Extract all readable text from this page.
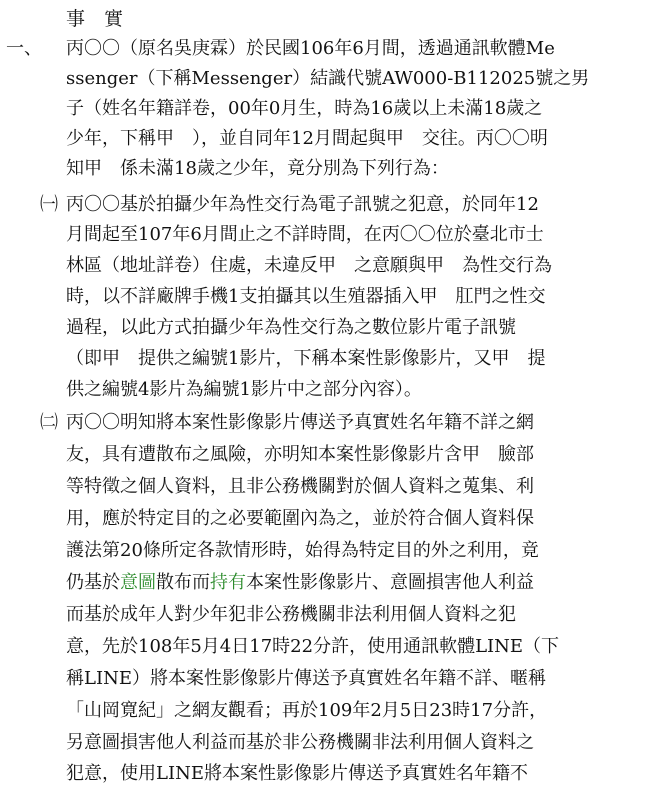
事　實
一、 丙〇〇（原名吳庚霖）於民國106年6月間，透過通訊軟體Me
ssenger（下稱Messenger）結識代號AW000-B112025號之男
子（姓名年籍詳卷，00年0月生，時為16歲以上未滿18歲之
少年，下稱甲　），並自同年12月間起與甲　交往。丙〇〇明
知甲　係未滿18歲之少年，竟分別為下列行為：
㈠ 丙〇〇基於拍攝少年為性交行為電子訊號之犯意，於同年12
月間起至107年6月間止之不詳時間，在丙〇〇位於臺北市士
林區（地址詳卷）住處，未違反甲　之意願與甲　為性交行為
時，以不詳廠牌手機1支拍攝其以生殖器插入甲　肛門之性交
過程，以此方式拍攝少年為性交行為之數位影片電子訊號
（即甲　提供之編號1影片，下稱本案性影像影片，又甲　提
供之編號4影片為編號1影片中之部分內容）。
㈡ 丙〇〇明知將本案性影像影片傳送予真實姓名年籍不詳之網
友，具有遭散布之風險，亦明知本案性影像影片含甲　臉部
等特徵之個人資料，且非公務機關對於個人資料之蒐集、利
用，應於特定目的之必要範圍內為之，並於符合個人資料保
護法第20條所定各款情形時，始得為特定目的外之利用，竟
仍基於意圖散布而持有本案性影像影片、意圖損害他人利益
而基於成年人對少年犯非公務機關非法利用個人資料之犯
意，先於108年5月4日17時22分許，使用通訊軟體LINE（下
稱LINE）將本案性影像影片傳送予真實姓名年籍不詳、暱稱
「山岡寛紀」之網友觀看；再於109年2月5日23時17分許，
另意圖損害他人利益而基於非公務機關非法利用個人資料之
犯意，使用LINE將本案性影像影片傳送予真實姓名年籍不
